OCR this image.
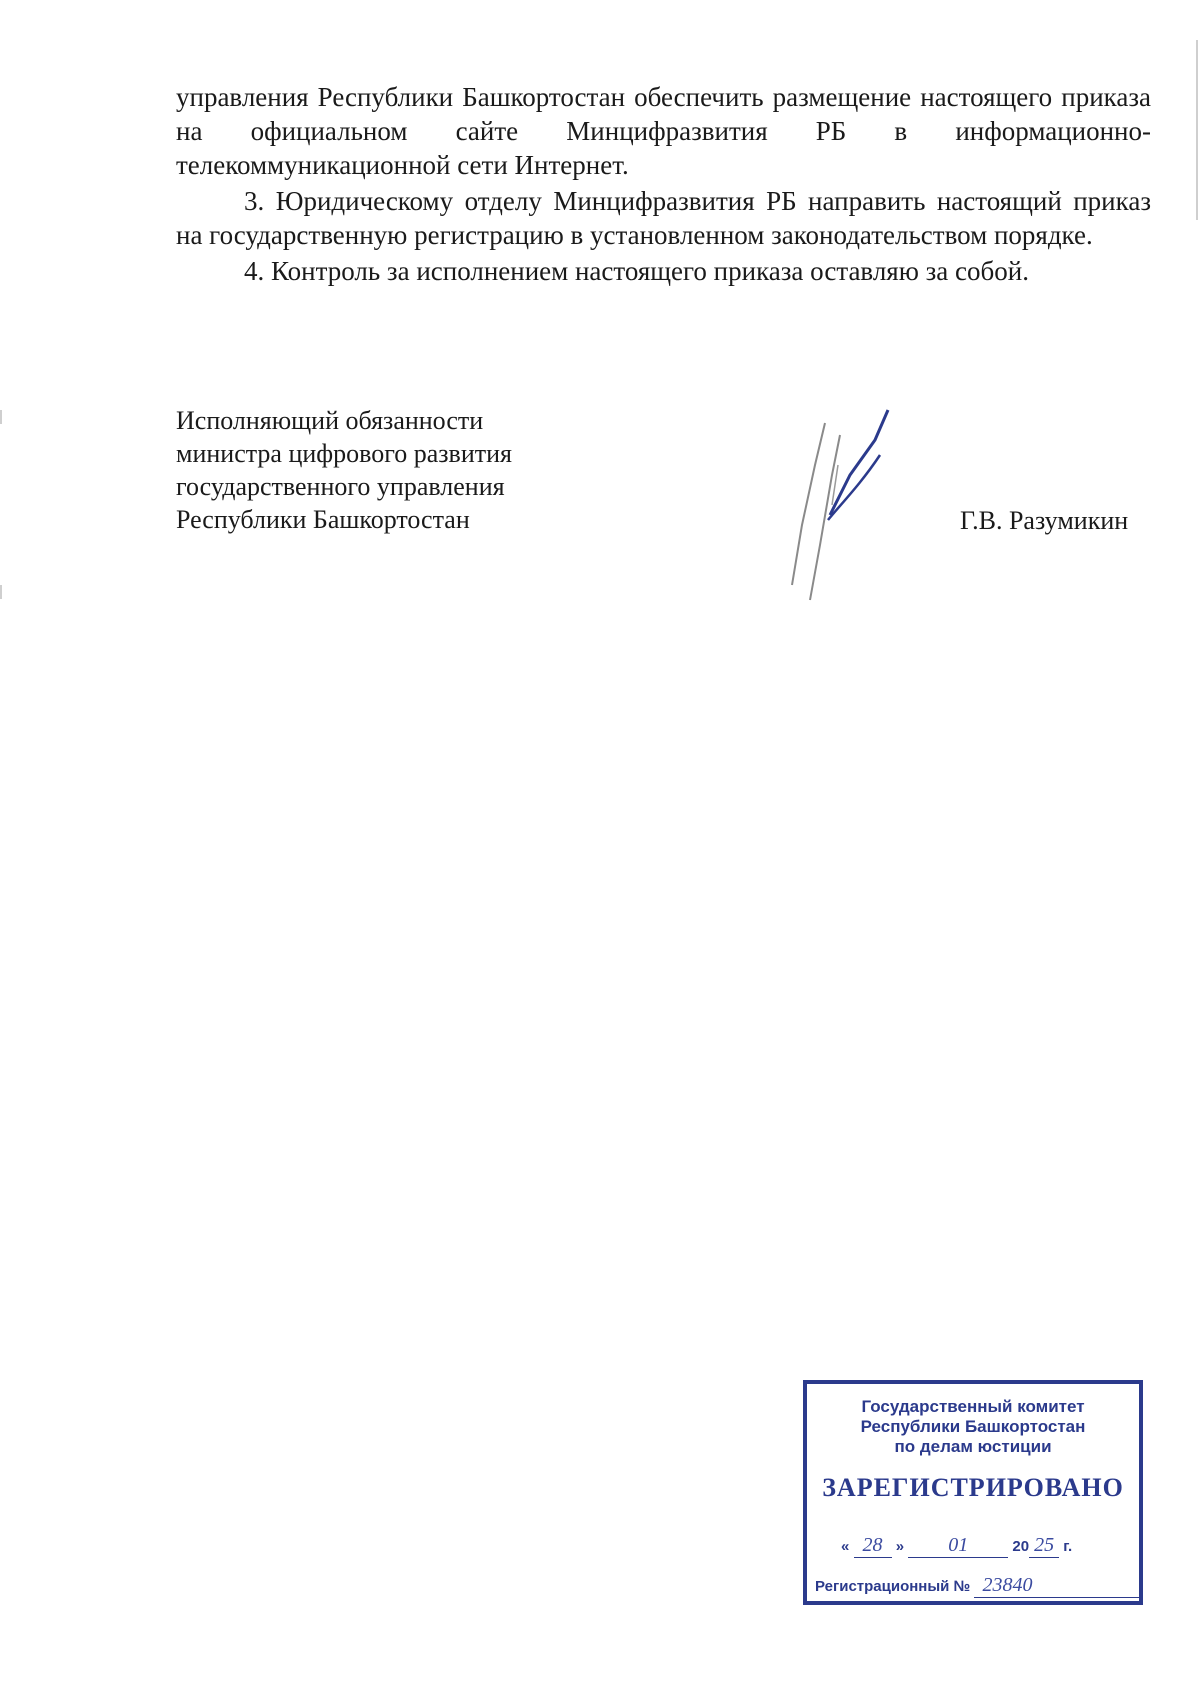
управления Республики Башкортостан обеспечить размещение настоящего приказа на официальном сайте Минцифразвития РБ в информационно-телекоммуникационной сети Интернет.

3. Юридическому отделу Минцифразвития РБ направить настоящий приказ на государственную регистрацию в установленном законодательством порядке.

4. Контроль за исполнением настоящего приказа оставляю за собой.

Исполняющий обязанности
министра цифрового развития
государственного управления
Республики Башкортостан	Г.В. Разумикин
Государственный комитет
Республики Башкортостан
по делам юстиции
ЗАРЕГИСТРИРОВАНО
« 28 » 01	20 25 г.
Регистрационный № 23840
